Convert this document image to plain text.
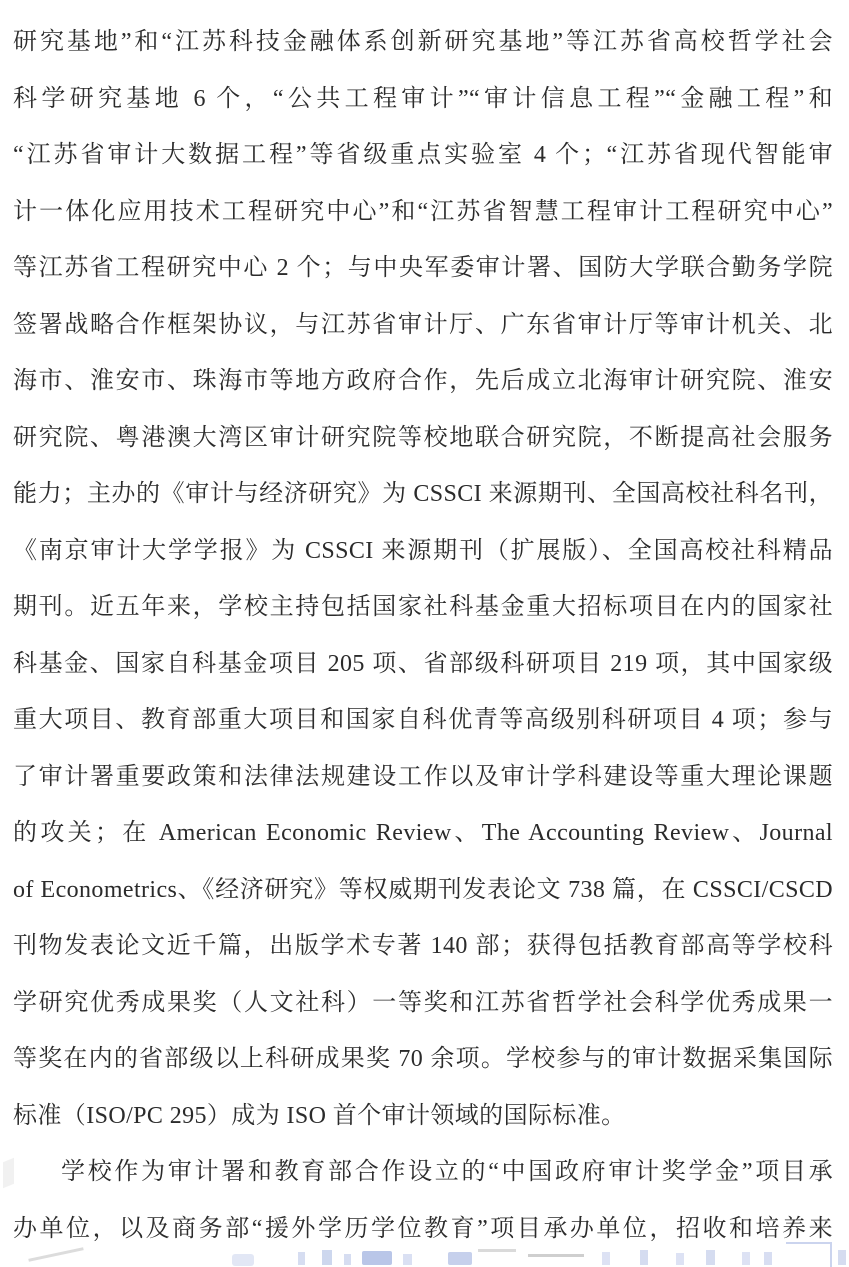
研究基地”和“江苏科技金融体系创新研究基地”等江苏省高校哲学社会
科学研究基地 6 个，“公共工程审计”“审计信息工程”“金融工程”和
“江苏省审计大数据工程”等省级重点实验室 4 个；“江苏省现代智能审
计一体化应用技术工程研究中心”和“江苏省智慧工程审计工程研究中心”
等江苏省工程研究中心 2 个；与中央军委审计署、国防大学联合勤务学院
签署战略合作框架协议，与江苏省审计厅、广东省审计厅等审计机关、北
海市、淮安市、珠海市等地方政府合作，先后成立北海审计研究院、淮安
研究院、粤港澳大湾区审计研究院等校地联合研究院，不断提高社会服务
能力；主办的《审计与经济研究》为 CSSCI 来源期刊、全国高校社科名刊，
《南京审计大学学报》为 CSSCI 来源期刊（扩展版）、全国高校社科精品
期刊。近五年来，学校主持包括国家社科基金重大招标项目在内的国家社
科基金、国家自科基金项目 205 项、省部级科研项目 219 项，其中国家级
重大项目、教育部重大项目和国家自科优青等高级别科研项目 4 项；参与
了审计署重要政策和法律法规建设工作以及审计学科建设等重大理论课题
的攻关；在 American Economic Review、The Accounting Review、Journal
of Econometrics、《经济研究》等权威期刊发表论文 738 篇，在 CSSCI/CSCD
刊物发表论文近千篇，出版学术专著 140 部；获得包括教育部高等学校科
学研究优秀成果奖（人文社科）一等奖和江苏省哲学社会科学优秀成果一
等奖在内的省部级以上科研成果奖 70 余项。学校参与的审计数据采集国际
标准（ISO/PC 295）成为 ISO 首个审计领域的国际标准。
学校作为审计署和教育部合作设立的“中国政府审计奖学金”项目承
办单位，以及商务部“援外学历学位教育”项目承办单位，招收和培养来
